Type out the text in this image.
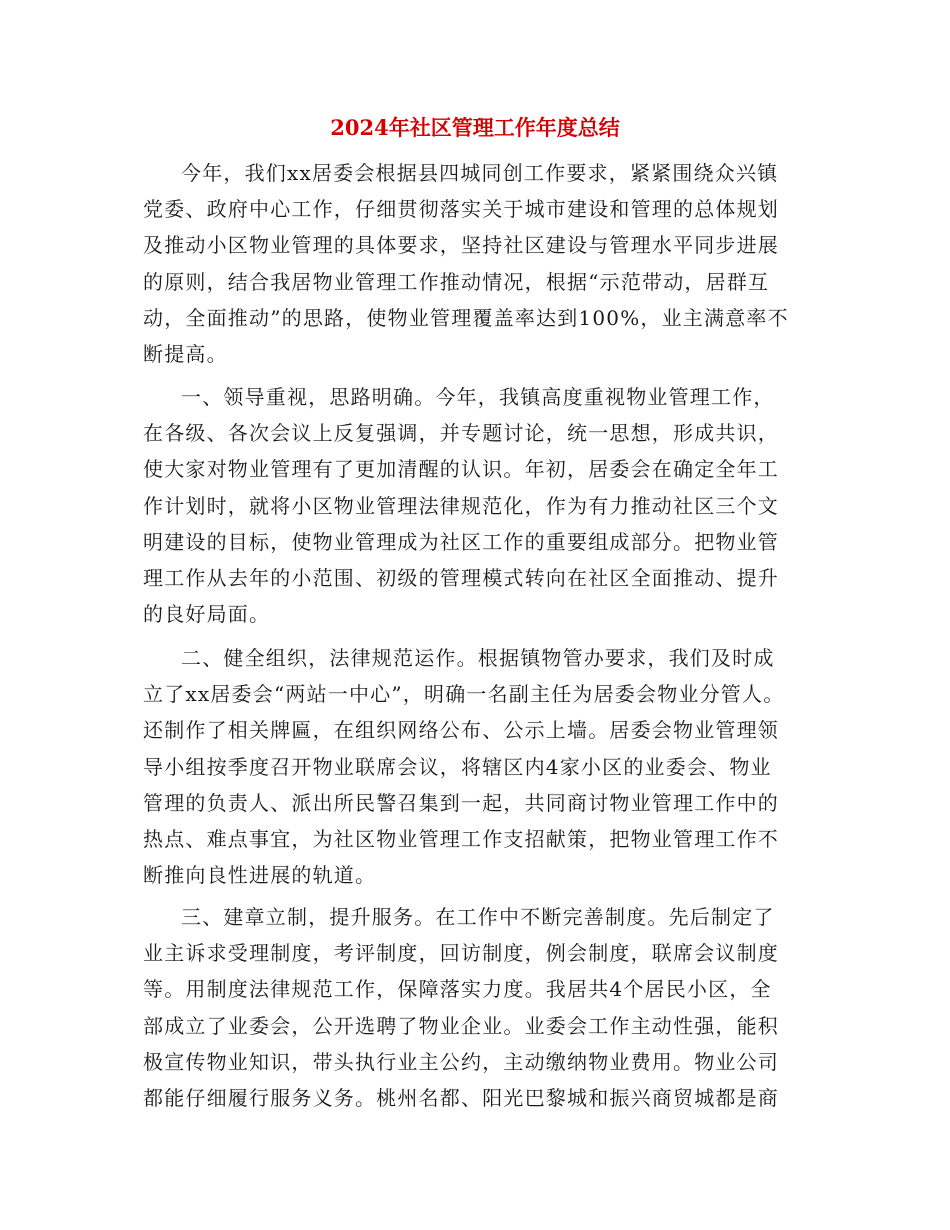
2024年社区管理工作年度总结
今年，我们xx居委会根据县四城同创工作要求，紧紧围绕众兴镇
党委、政府中心工作，仔细贯彻落实关于城市建设和管理的总体规划
及推动小区物业管理的具体要求，坚持社区建设与管理水平同步进展
的原则，结合我居物业管理工作推动情况，根据“示范带动，居群互
动，全面推动”的思路，使物业管理覆盖率达到100%，业主满意率不
断提高。
一、领导重视，思路明确。今年，我镇高度重视物业管理工作，
在各级、各次会议上反复强调，并专题讨论，统一思想，形成共识，
使大家对物业管理有了更加清醒的认识。年初，居委会在确定全年工
作计划时，就将小区物业管理法律规范化，作为有力推动社区三个文
明建设的目标，使物业管理成为社区工作的重要组成部分。把物业管
理工作从去年的小范围、初级的管理模式转向在社区全面推动、提升
的良好局面。
二、健全组织，法律规范运作。根据镇物管办要求，我们及时成
立了xx居委会“两站一中心”，明确一名副主任为居委会物业分管人。
还制作了相关牌匾，在组织网络公布、公示上墙。居委会物业管理领
导小组按季度召开物业联席会议，将辖区内4家小区的业委会、物业
管理的负责人、派出所民警召集到一起，共同商讨物业管理工作中的
热点、难点事宜，为社区物业管理工作支招献策，把物业管理工作不
断推向良性进展的轨道。
三、建章立制，提升服务。在工作中不断完善制度。先后制定了
业主诉求受理制度，考评制度，回访制度，例会制度，联席会议制度
等。用制度法律规范工作，保障落实力度。我居共4个居民小区，全
部成立了业委会，公开选聘了物业企业。业委会工作主动性强，能积
极宣传物业知识，带头执行业主公约，主动缴纳物业费用。物业公司
都能仔细履行服务义务。桃州名都、阳光巴黎城和振兴商贸城都是商
